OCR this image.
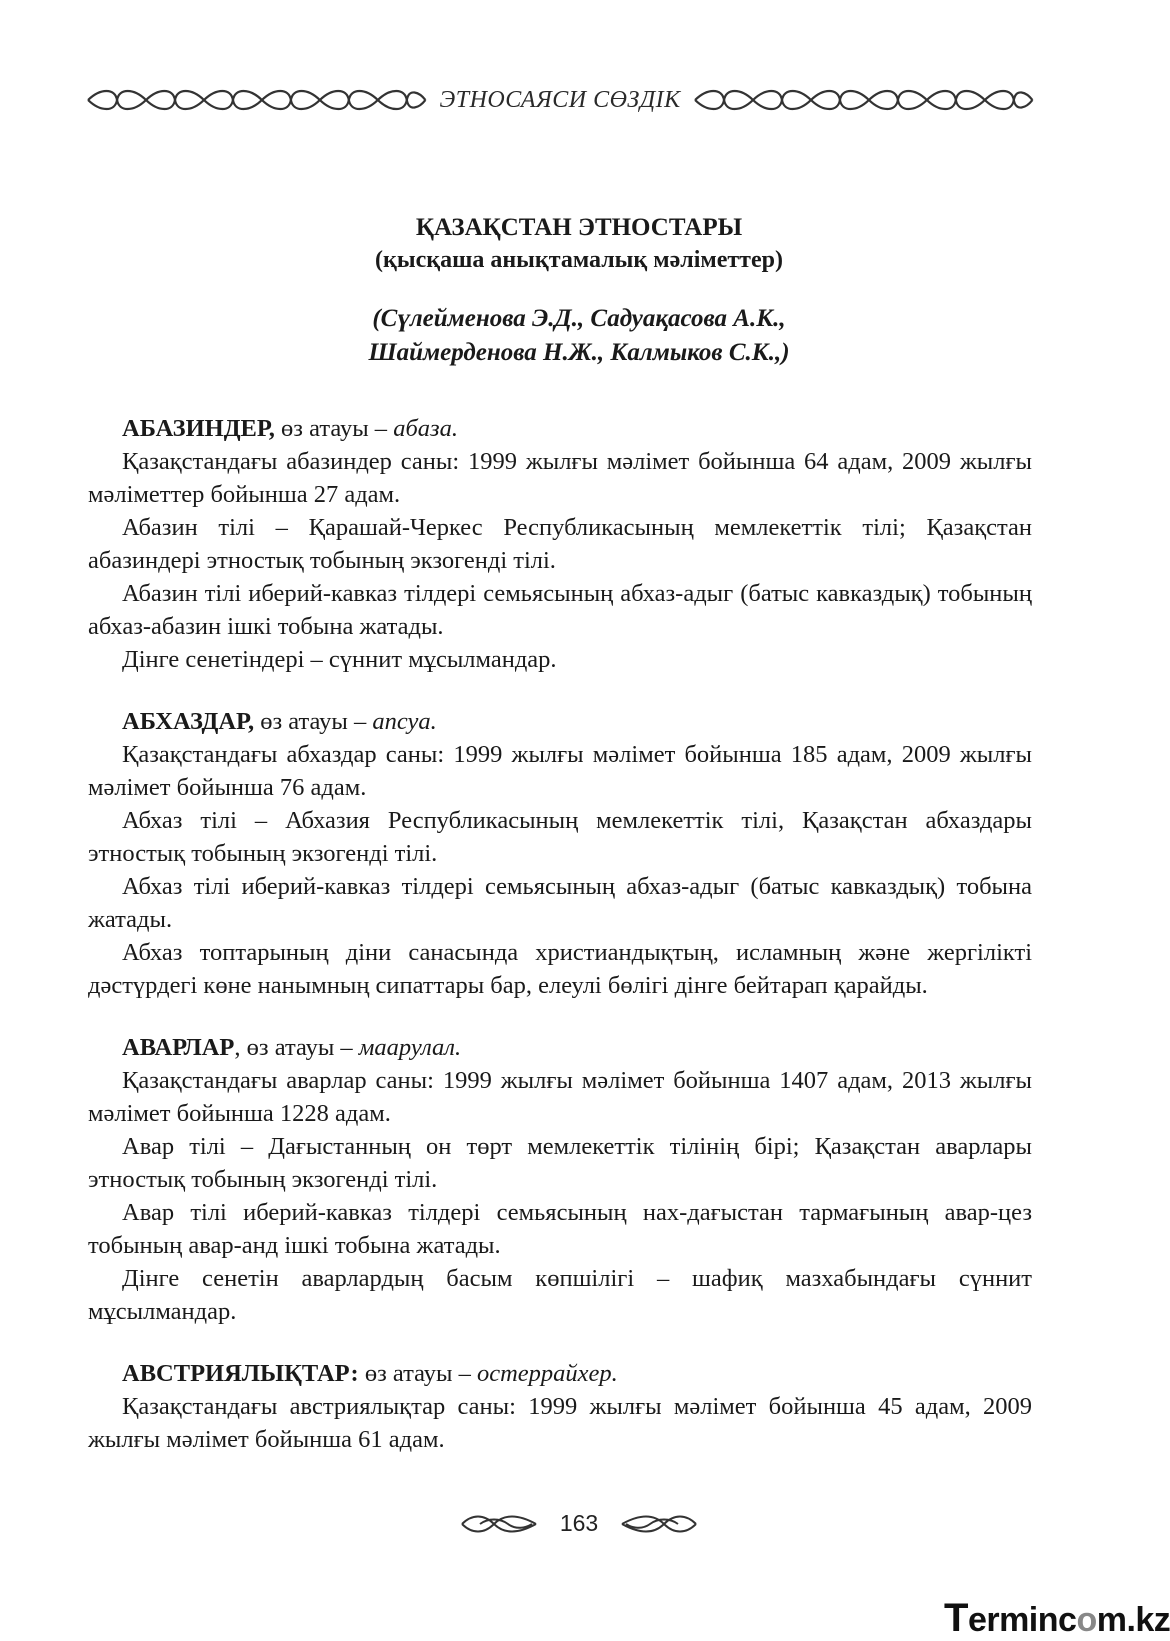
ЭТНОСАЯСИ СӨЗДІК
ҚАЗАҚСТАН ЭТНОСТАРЫ
(қысқаша анықтамалық мәліметтер)
(Сүлейменова Э.Д., Садуақасова А.К.,
Шаймерденова Н.Ж., Калмыков С.К.,)

АБАЗИНДЕР, өз атауы – абаза.

Қазақстандағы абазиндер саны: 1999 жылғы мәлімет бойынша 64 адам, 2009 жылғы мәліметтер бойынша 27 адам.

Абазин тілі – Қарашай-Черкес Республикасының мемлекеттік тілі; Қазақстан абазиндері этностық тобының экзогенді тілі.

Абазин тілі иберий-кавказ тілдері семьясының абхаз-адыг (батыс кавказдық) тобының абхаз-абазин ішкі тобына жатады.

Дінге сенетіндері – сүннит мұсылмандар.

АБХАЗДАР, өз атауы – апсуа.

Қазақстандағы абхаздар саны: 1999 жылғы мәлімет бойынша 185 адам, 2009 жылғы мәлімет бойынша 76 адам.

Абхаз тілі – Абхазия Республикасының мемлекеттік тілі, Қазақстан абхаздары этностық тобының экзогенді тілі.

Абхаз тілі иберий-кавказ тілдері семьясының абхаз-адыг (батыс кавказдық) тобына жатады.

Абхаз топтарының діни санасында христиандықтың, исламның және жергілікті дәстүрдегі көне нанымның сипаттары бар, елеулі бөлігі дінге бейтарап қарайды.

АВАРЛАР, өз атауы – маарулал.

Қазақстандағы аварлар саны: 1999 жылғы мәлімет бойынша 1407 адам, 2013 жылғы мәлімет бойынша 1228 адам.

Авар тілі – Дағыстанның он төрт мемлекеттік тілінің бірі; Қазақстан аварлары этностық тобының экзогенді тілі.

Авар тілі иберий-кавказ тілдері семьясының нах-дағыстан тармағының авар-цез тобының авар-анд ішкі тобына жатады.

Дінге сенетін аварлардың басым көпшілігі – шафиқ мазхабындағы сүннит мұсылмандар.

АВСТРИЯЛЫҚТАР: өз атауы – остеррайхер.

Қазақстандағы австриялықтар саны: 1999 жылғы мәлімет бойынша 45 адам, 2009 жылғы мәлімет бойынша 61 адам.

163
Termincom.kz
